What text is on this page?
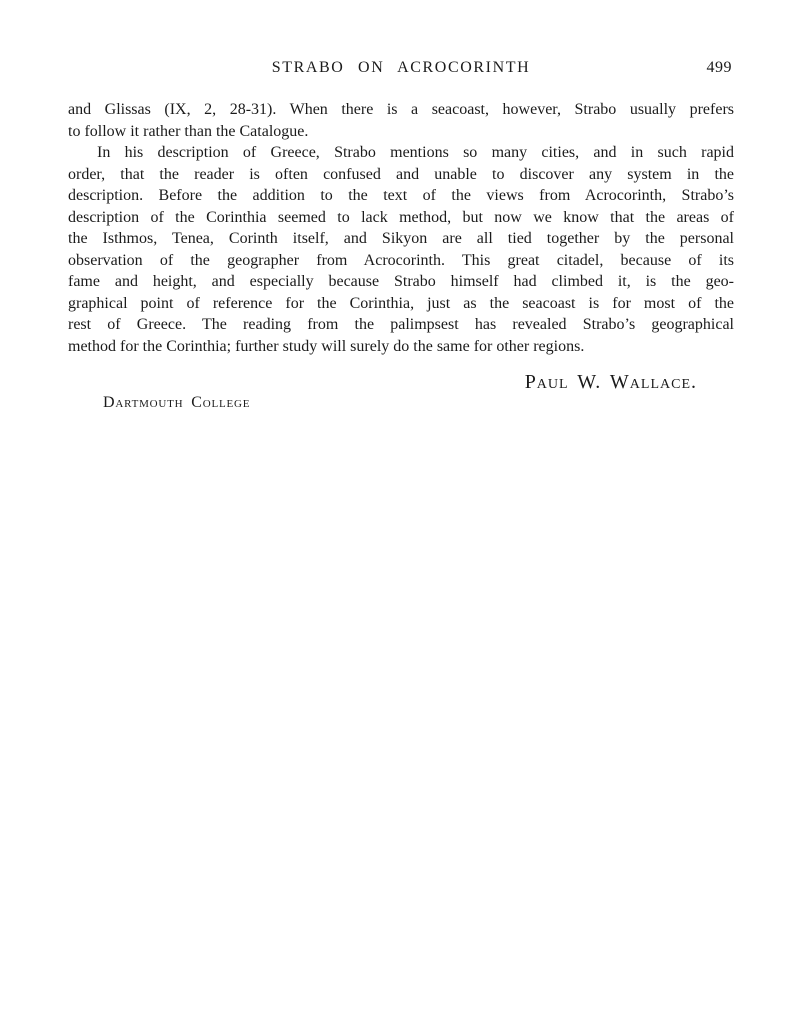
STRABO ON ACROCORINTH	499
and Glissas (IX, 2, 28-31). When there is a seacoast, however, Strabo usually prefers
to follow it rather than the Catalogue.
In his description of Greece, Strabo mentions so many cities, and in such rapid
order, that the reader is often confused and unable to discover any system in the
description. Before the addition to the text of the views from Acrocorinth, Strabo’s
description of the Corinthia seemed to lack method, but now we know that the areas of
the Isthmos, Tenea, Corinth itself, and Sikyon are all tied together by the personal
observation of the geographer from Acrocorinth. This great citadel, because of its
fame and height, and especially because Strabo himself had climbed it, is the geo-
graphical point of reference for the Corinthia, just as the seacoast is for most of the
rest of Greece. The reading from the palimpsest has revealed Strabo’s geographical
method for the Corinthia; further study will surely do the same for other regions.
Paul W. Wallace.
Dartmouth College
